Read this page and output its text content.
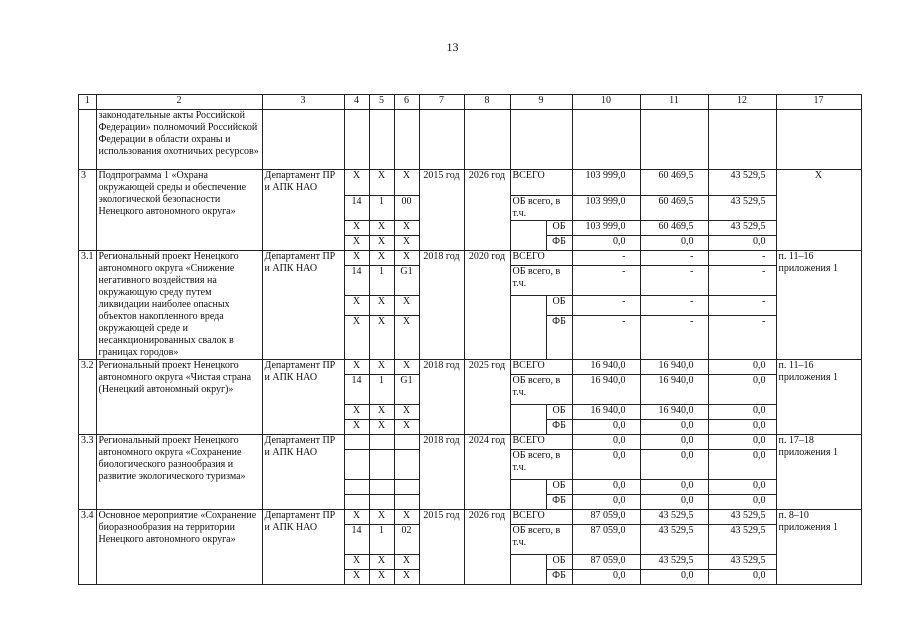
13
1	2	3	4	5	6	7	8	9		10	11	12	17
	законодательные акты Российской Федерации» полномочий Российской Федерации в области охраны и использования охотничьих ресурсов»												
3	Подпрограмма 1 «Охрана окружающей среды и обеспечение экологической безопасности Ненецкого автономного округа»	Департамент ПР и АПК НАО	Х	Х	Х	2015 год	2026 год	ВСЕГО		103 999,0	60 469,5	43 529,5	Х
			14	1	00			ОБ всего, в т.ч.		103 999,0	60 469,5	43 529,5	
			Х	Х	Х				ОБ	103 999,0	60 469,5	43 529,5	
			Х	Х	Х				ФБ	0,0	0,0	0,0	
3.1	Региональный проект Ненецкого автономного округа «Снижение негативного воздействия на окружающую среду путем ликвидации наиболее опасных объектов накопленного вреда окружающей среде и несанкционированных свалок в границах городов»	Департамент ПР и АПК НАО	Х	Х	Х	2018 год	2020 год	ВСЕГО		-	-	-	п. 11–16 приложения 1
			14	1	G1			ОБ всего, в т.ч.		-	-	-	
			Х	Х	Х				ОБ	-	-	-	
			Х	Х	Х				ФБ	-	-	-	
3.2	Региональный проект Ненецкого автономного округа «Чистая страна (Ненецкий автономный округ)»	Департамент ПР и АПК НАО	Х	Х	Х	2018 год	2025 год	ВСЕГО		16 940,0	16 940,0	0,0	п. 11–16 приложения 1
			14	1	G1			ОБ всего, в т.ч.		16 940,0	16 940,0	0,0	
			Х	Х	Х				ОБ	16 940,0	16 940,0	0,0	
			Х	Х	Х				ФБ	0,0	0,0	0,0	
3.3	Региональный проект Ненецкого автономного округа «Сохранение биологического разнообразия и развитие экологического туризма»	Департамент ПР и АПК НАО				2018 год	2024 год	ВСЕГО		0,0	0,0	0,0	п. 17–18 приложения 1
								ОБ всего, в т.ч.		0,0	0,0	0,0	
									ОБ	0,0	0,0	0,0	
									ФБ	0,0	0,0	0,0	
3.4	Основное мероприятие «Сохранение биоразнообразия на территории Ненецкого автономного округа»	Департамент ПР и АПК НАО	Х	Х	Х	2015 год	2026 год	ВСЕГО		87 059,0	43 529,5	43 529,5	п. 8–10 приложения 1
			14	1	02			ОБ всего, в т.ч.		87 059,0	43 529,5	43 529,5	
			Х	Х	Х				ОБ	87 059,0	43 529,5	43 529,5	
			Х	Х	Х				ФБ	0,0	0,0	0,0	
